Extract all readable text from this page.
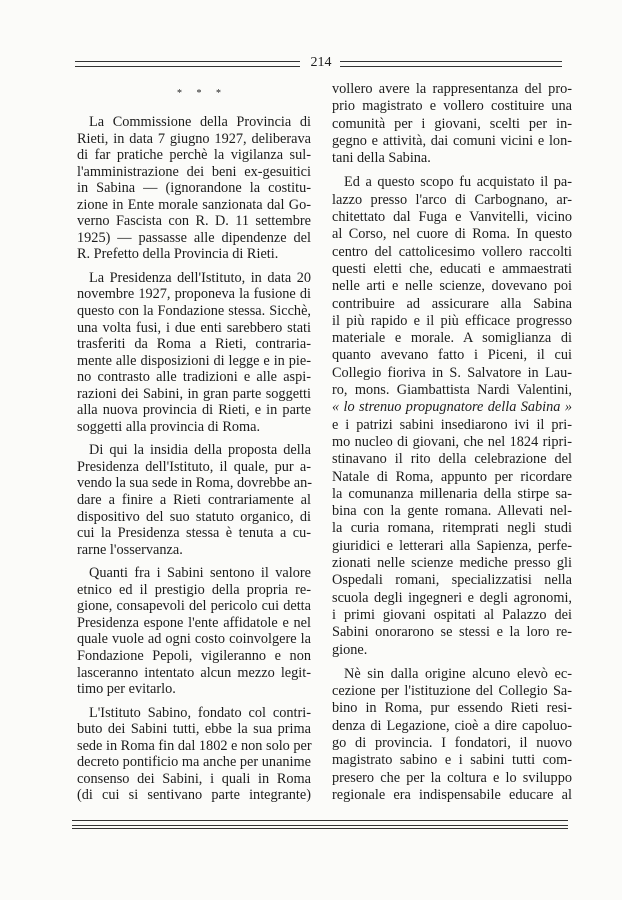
214
* * *
La Commissione della Provincia di
Rieti, in data 7 giugno 1927, deliberava
di far pratiche perchè la vigilanza sul-
l'amministrazione dei beni ex-gesuitici
in Sabina — (ignorandone la costitu-
zione in Ente morale sanzionata dal Go-
verno Fascista con R. D. 11 settembre
1925) — passasse alle dipendenze del
R. Prefetto della Provincia di Rieti.
La Presidenza dell'Istituto, in data 20
novembre 1927, proponeva la fusione di
questo con la Fondazione stessa. Sicchè,
una volta fusi, i due enti sarebbero stati
trasferiti da Roma a Rieti, contraria-
mente alle disposizioni di legge e in pie-
no contrasto alle tradizioni e alle aspi-
razioni dei Sabini, in gran parte soggetti
alla nuova provincia di Rieti, e in parte
soggetti alla provincia di Roma.
Di qui la insidia della proposta della
Presidenza dell'Istituto, il quale, pur a-
vendo la sua sede in Roma, dovrebbe an-
dare a finire a Rieti contrariamente al
dispositivo del suo statuto organico, di
cui la Presidenza stessa è tenuta a cu-
rarne l'osservanza.
Quanti fra i Sabini sentono il valore
etnico ed il prestigio della propria re-
gione, consapevoli del pericolo cui detta
Presidenza espone l'ente affidatole e nel
quale vuole ad ogni costo coinvolgere la
Fondazione Pepoli, vigileranno e non
lasceranno intentato alcun mezzo legit-
timo per evitarlo.
L'Istituto Sabino, fondato col contri-
buto dei Sabini tutti, ebbe la sua prima
sede in Roma fin dal 1802 e non solo per
decreto pontificio ma anche per unanime
consenso dei Sabini, i quali in Roma
(di cui si sentivano parte integrante)
vollero avere la rappresentanza del pro-
prio magistrato e vollero costituire una
comunità per i giovani, scelti per in-
gegno e attività, dai comuni vicini e lon-
tani della Sabina.
Ed a questo scopo fu acquistato il pa-
lazzo presso l'arco di Carbognano, ar-
chitettato dal Fuga e Vanvitelli, vicino
al Corso, nel cuore di Roma. In questo
centro del cattolicesimo vollero raccolti
questi eletti che, educati e ammaestrati
nelle arti e nelle scienze, dovevano poi
contribuire ad assicurare alla Sabina
il più rapido e il più efficace progresso
materiale e morale. A somiglianza di
quanto avevano fatto i Piceni, il cui
Collegio fioriva in S. Salvatore in Lau-
ro, mons. Giambattista Nardi Valentini,
« lo strenuo propugnatore della Sabina »
e i patrizi sabini insediarono ivi il pri-
mo nucleo di giovani, che nel 1824 ripri-
stinavano il rito della celebrazione del
Natale di Roma, appunto per ricordare
la comunanza millenaria della stirpe sa-
bina con la gente romana. Allevati nel-
la curia romana, ritemprati negli studi
giuridici e letterari alla Sapienza, perfe-
zionati nelle scienze mediche presso gli
Ospedali romani, specializzatisi nella
scuola degli ingegneri e degli agronomi,
i primi giovani ospitati al Palazzo dei
Sabini onorarono se stessi e la loro re-
gione.
Nè sin dalla origine alcuno elevò ec-
cezione per l'istituzione del Collegio Sa-
bino in Roma, pur essendo Rieti resi-
denza di Legazione, cioè a dire capoluo-
go di provincia. I fondatori, il nuovo
magistrato sabino e i sabini tutti com-
presero che per la coltura e lo sviluppo
regionale era indispensabile educare al
